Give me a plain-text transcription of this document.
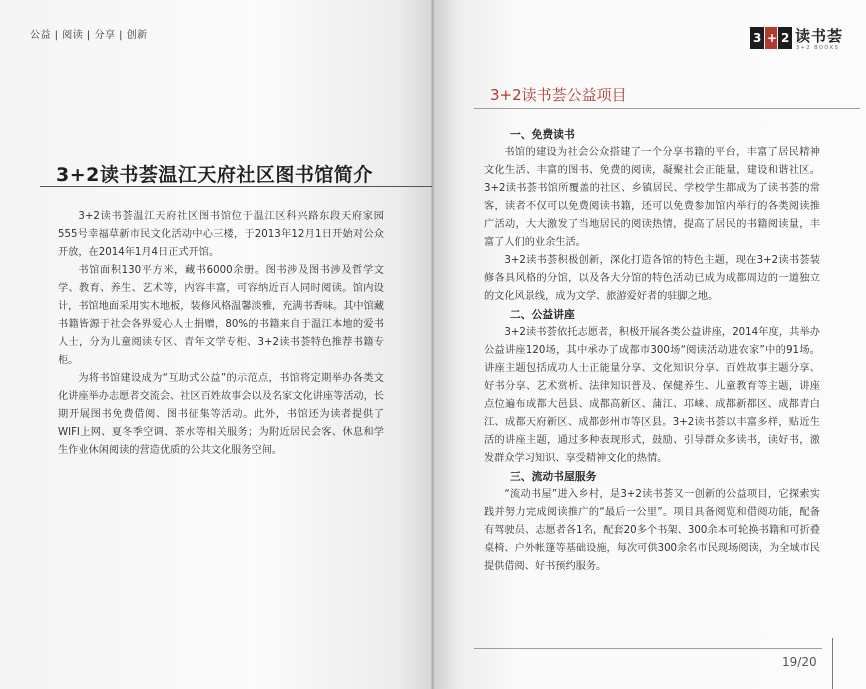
公益 | 阅读 | 分享 | 创新
3+2读书荟温江天府社区图书馆简介

3+2读书荟温江天府社区图书馆位于温江区科兴路东段天府家园555号幸福草新市民文化活动中心三楼，于2013年12月1日开始对公众开放，在2014年1月4日正式开馆。

书馆面积130平方米，藏书6000余册。图书涉及图书涉及哲学文学、教育、养生、艺术等，内容丰富，可容纳近百人同时阅读。馆内设计，书馆地面采用实木地板，装修风格温馨淡雅，充满书香味。其中馆藏书籍皆源于社会各界爱心人士捐赠，80%的书籍来自于温江本地的爱书人士，分为儿童阅读专区、青年文学专柜、3+2读书荟特色推荐书籍专柜。

为将书馆建设成为“互助式公益”的示范点，书馆将定期举办各类文化讲座举办志愿者交流会、社区百姓故事会以及名家文化讲座等活动，长期开展图书免费借阅、图书征集等活动。此外，书馆还为读者提供了WIFI上网、夏冬季空调、茶水等相关服务；为附近居民会客、休息和学生作业休闲阅读的营造优质的公共文化服务空间。

3 + 2 读书荟
3+2 BOOKS
3+2读书荟公益项目
一、免费读书

书馆的建设为社会公众搭建了一个分享书籍的平台，丰富了居民精神文化生活、丰富的图书、免费的阅读，凝聚社会正能量，建设和谐社区。3+2读书荟书馆所覆盖的社区、乡镇居民、学校学生都成为了读书荟的常客，读者不仅可以免费阅读书籍，还可以免费参加馆内举行的各类阅读推广活动，大大激发了当地居民的阅读热情，提高了居民的书籍阅读量，丰富了人们的业余生活。

3+2读书荟积极创新，深化打造各馆的特色主题，现在3+2读书荟装修各具风格的分馆，以及各大分馆的特色活动已成为成都周边的一道独立的文化风景线，成为文学、旅游爱好者的驻脚之地。

二、公益讲座

3+2读书荟依托志愿者，积极开展各类公益讲座，2014年度，共举办公益讲座120场，其中承办了成都市300场“阅读活动进农家”中的91场。讲座主题包括成功人士正能量分享、文化知识分享、百姓故事主题分享、好书分享、艺术赏析、法律知识普及、保健养生、儿童教育等主题，讲座点位遍布成都大邑县、成都高新区、蒲江、邛崃、成都新都区、成都青白江、成都天府新区、成都彭州市等区县。3+2读书荟以丰富多样，贴近生活的讲座主题，通过多种表现形式，鼓励、引导群众多读书，读好书，激发群众学习知识、享受精神文化的热情。

三、流动书屋服务

“流动书屋”进入乡村，是3+2读书荟又一创新的公益项目，它探索实践并努力完成阅读推广的“最后一公里”。项目具备阅览和借阅功能，配备有驾驶员、志愿者各1名，配套20多个书架、300余本可轮换书籍和可折叠桌椅、户外帐篷等基础设施，每次可供300余名市民现场阅读，为全域市民提供借阅、好书预约服务。

19/20
